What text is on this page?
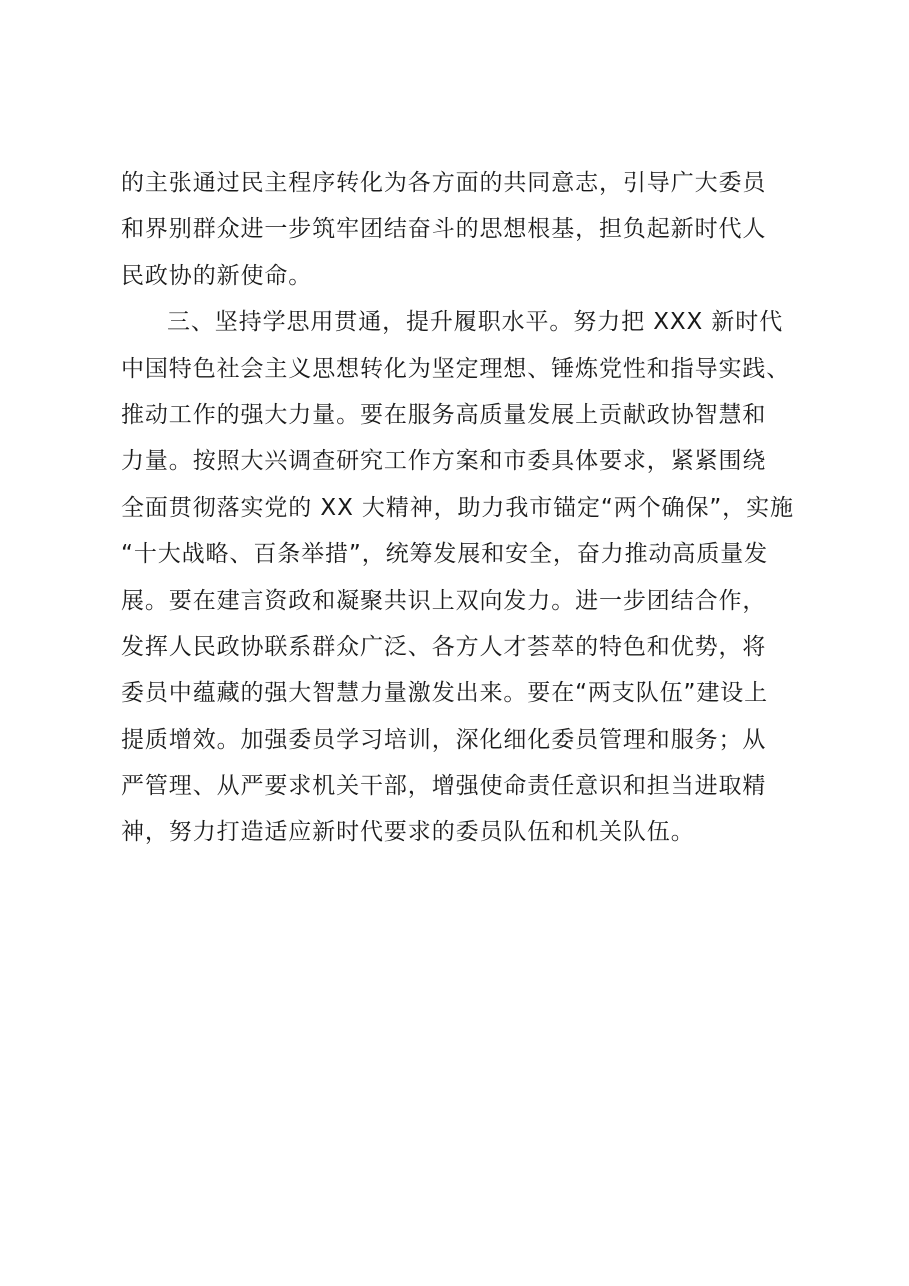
的主张通过民主程序转化为各方面的共同意志，引导广大委员
和界别群众进一步筑牢团结奋斗的思想根基，担负起新时代人
民政协的新使命。
三、坚持学思用贯通，提升履职水平。努力把 XXX 新时代
中国特色社会主义思想转化为坚定理想、锤炼党性和指导实践、
推动工作的强大力量。要在服务高质量发展上贡献政协智慧和
力量。按照大兴调查研究工作方案和市委具体要求，紧紧围绕
全面贯彻落实党的 XX 大精神，助力我市锚定“两个确保”，实施
“十大战略、百条举措”，统筹发展和安全，奋力推动高质量发
展。要在建言资政和凝聚共识上双向发力。进一步团结合作，
发挥人民政协联系群众广泛、各方人才荟萃的特色和优势，将
委员中蕴藏的强大智慧力量激发出来。要在“两支队伍”建设上
提质增效。加强委员学习培训，深化细化委员管理和服务；从
严管理、从严要求机关干部，增强使命责任意识和担当进取精
神，努力打造适应新时代要求的委员队伍和机关队伍。
